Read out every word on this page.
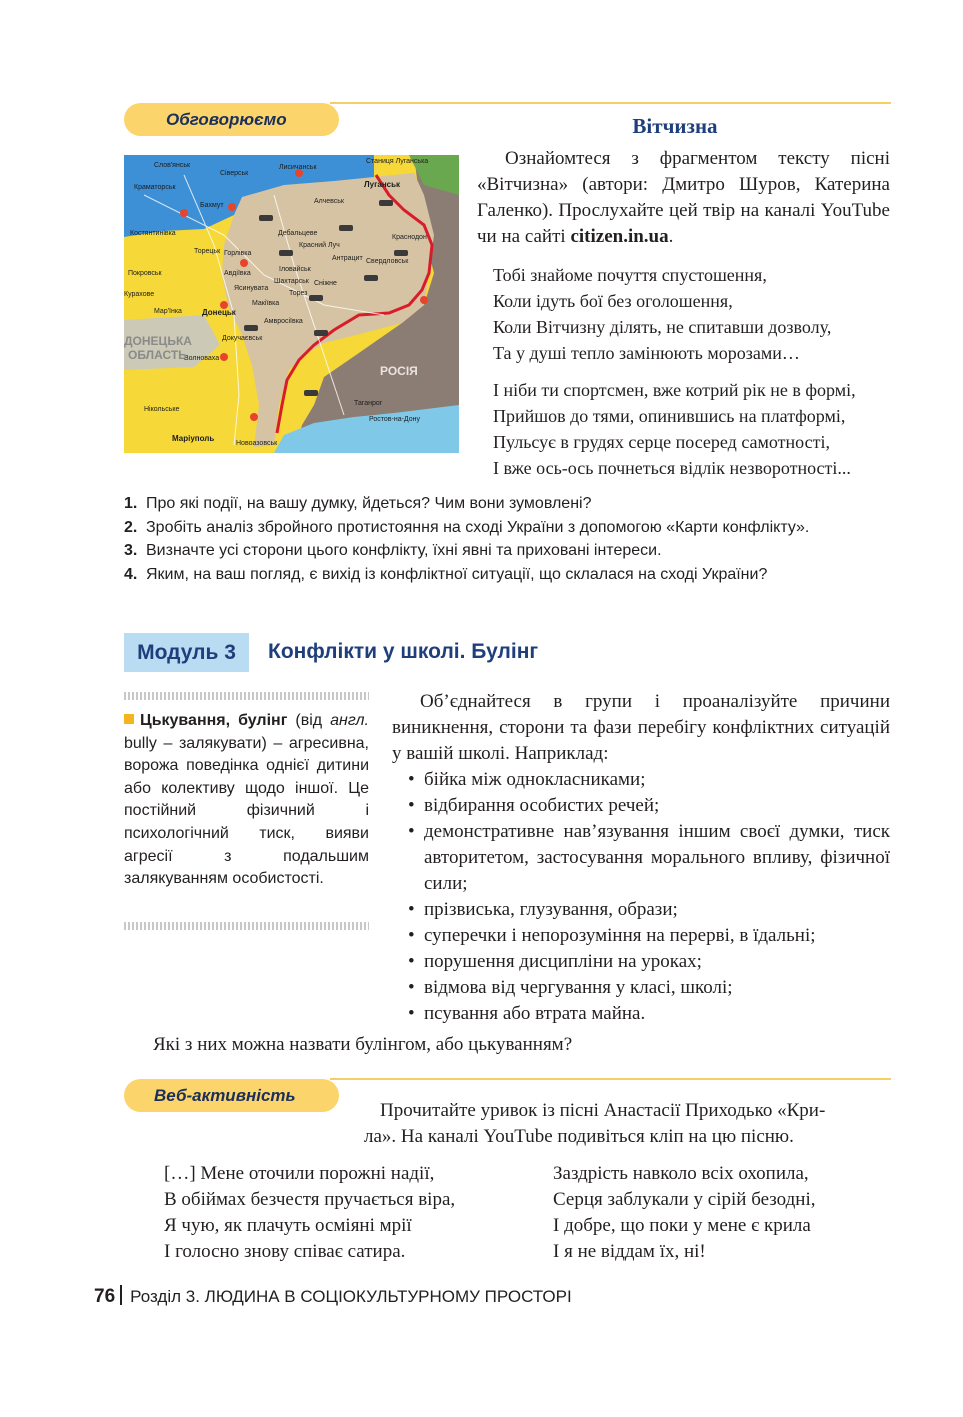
Обговорюємо	Вітчизна

Ознайомтеся з фрагментом тексту пісні «Вітчизна» (автори: Дмитро Шуров, Катерина Галенко). Прослухайте цей твір на каналі YouTube чи на сайті citizen.in.ua.

Тобі знайоме почуття спустошення,
Коли ідуть бої без оголошення,
Коли Вітчизну ділять, не спитавши дозволу,
Та у душі тепло замінюють морозами…
І ніби ти спортсмен, вже котрий рік не в формі,
Прийшов до тями, опинившись на платформі,
Пульсує в грудях серце посеред самотності,
І вже ось-ось почнеться відлік незворотності...
Краматорськ
Слов'янськ
Сіверськ
Лисичанськ
Станиця Луганська
Луганськ
Костянтинівка
Бахмут
Торецьк
Дебальцеве
Алчевськ
Горлівка
Покровськ	Авдіївка
Ясинувата
Донецьк
Макіївка
Антрацит
Краснодон
Свердловськ
Шахтарськ
Торез
Сніжне
Докучаєвськ
Амвросіївка
Волноваха
Курахове
Мар'їнка
Іловайськ
Красний Луч
Нікольське
Маріуполь
Новоазовськ
Таганрог
Ростов-на-Дону
ДОНЕЦЬКА
ОБЛАСТЬ
РОСІЯ
1. Про які події, на вашу думку, йдеться? Чим вони зумовлені?
2. Зробіть аналіз збройного протистояння на сході України з допомогою «Карти конфлікту».
3. Визначте усі сторони цього конфлікту, їхні явні та приховані інтереси.
4. Яким, на ваш погляд, є вихід із конфліктної ситуації, що склалася на сході України?
Модуль 3 Конфлікти у школі. Булінг

Цькування, булінг (від англ. bully – залякувати) – агресивна, ворожа поведінка однієї дитини або колективу щодо іншої. Це постійний фізичний і психологічний тиск, вияви агресії з подальшим залякуванням особистості.

Об’єднайтеся в групи і проаналізуйте причини виникнення, сторони та фази перебігу конфліктних ситуацій у вашій школі. Наприклад:

• бійка між однокласниками;
• відбирання особистих речей;
• демонстративне нав’язування іншим своєї думки, тиск авторитетом, застосування морального впливу, фізичної сили;
• прізвиська, глузування, образи;
• суперечки і непорозуміння на перерві, в їдальні;
• порушення дисципліни на уроках;
• відмова від чергування у класі, школі;
• псування або втрата майна.
Які з них можна назвати булінгом, або цькуванням?
Веб-активність

Прочитайте уривок із пісні Анастасії Приходько «Кри-

ла». На каналі YouTube подивіться кліп на цю пісню.

[…] Мене оточили порожні надії,
В обіймах безчестя пручається віра,
Я чую, як плачуть осміяні мрії
І голосно знову співає сатира.
Заздрість навколо всіх охопила,
Серця заблукали у сірій безодні,
І добре, що поки у мене є крила
І я не віддам їх, ні!
76 Розділ 3. ЛЮДИНА В СОЦІОКУЛЬТУРНОМУ ПРОСТОРІ
